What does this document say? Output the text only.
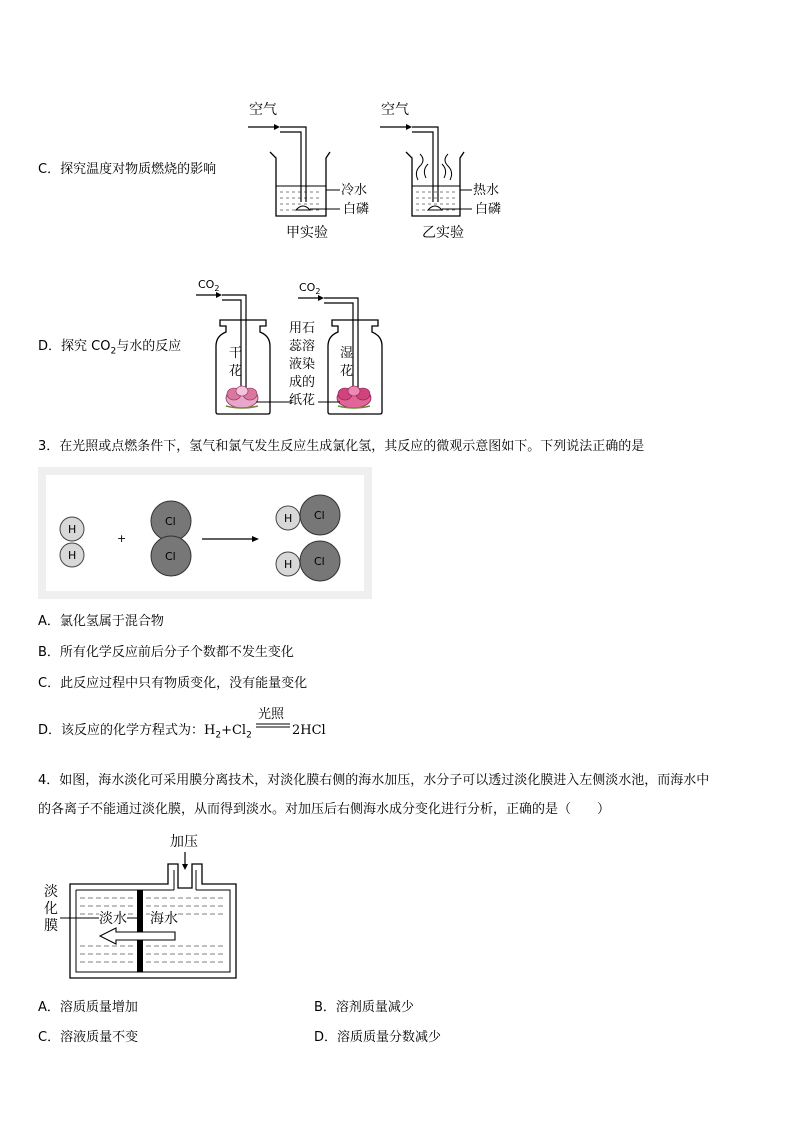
C．探究温度对物质燃烧的影响
空气
冷水
白磷
甲实验
空气
热水
白磷
乙实验
D．探究 $CO_2$与水的反应
$CO_2$	$CO_2$
干
花
湿
花
用石
蕊溶
液染
成的
纸花
3．在光照或点燃条件下，氢气和氯气发生反应生成氯化氢，其反应的微观示意图如下。下列说法正确的是
H
H
+
Cl
Cl
H Cl
H Cl
A．氯化氢属于混合物
B．所有化学反应前后分子个数都不发生变化
C．此反应过程中只有物质变化，没有能量变化
D．该反应的化学方程式为：$H_2+Cl_2$
光照
2HCl
4．如图，海水淡化可采用膜分离技术，对淡化膜右侧的海水加压，水分子可以透过淡化膜进入左侧淡水池，而海水中
的各离子不能通过淡化膜，从而得到淡水。对加压后右侧海水成分变化进行分析，正确的是（　　）
加压
淡
化
膜	淡水 海水
A．溶质质量增加	B．溶剂质量减少
C．溶液质量不变	D．溶质质量分数减少
